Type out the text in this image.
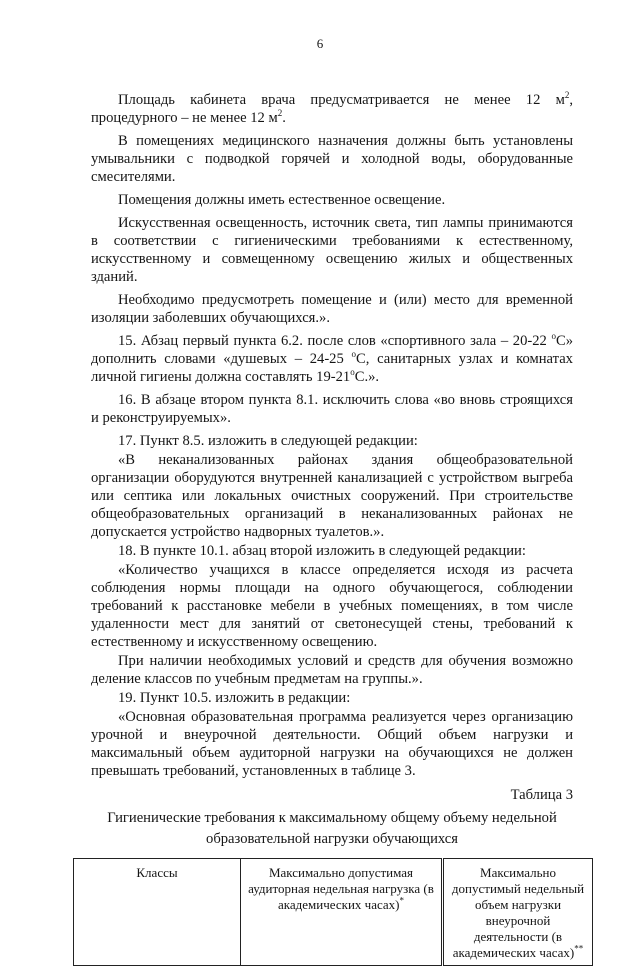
6

Площадь кабинета врача предусматривается не менее 12 $м^2$, процедурного – не менее 12 $м^2$.

В помещениях медицинского назначения должны быть установлены умывальники с подводкой горячей и холодной воды, оборудованные смесителями.

Помещения должны иметь естественное освещение.

Искусственная освещенность, источник света, тип лампы принимаются в соответствии с гигиеническими требованиями к естественному, искусственному и совмещенному освещению жилых и общественных зданий.

Необходимо предусмотреть помещение и (или) место для временной изоляции заболевших обучающихся.».

15. Абзац первый пункта 6.2. после слов «спортивного зала – 20-22 $^о$С» дополнить словами «душевых – 24-25 $^о$С, санитарных узлах и комнатах личной гигиены должна составлять $19-21^оС$.».

16. В абзаце втором пункта 8.1. исключить слова «во вновь строящихся и реконструируемых».

17. Пункт 8.5. изложить в следующей редакции:

«В неканализованных районах здания общеобразовательной организации оборудуются внутренней канализацией с устройством выгреба или септика или локальных очистных сооружений. При строительстве общеобразовательных организаций в неканализованных районах не допускается устройство надворных туалетов.».

18. В пункте 10.1. абзац второй изложить в следующей редакции:

«Количество учащихся в классе определяется исходя из расчета соблюдения нормы площади на одного обучающегося, соблюдении требований к расстановке мебели в учебных помещениях, в том числе удаленности мест для занятий от светонесущей стены, требований к естественному и искусственному освещению.

При наличии необходимых условий и средств для обучения возможно деление классов по учебным предметам на группы.».

19. Пункт 10.5. изложить в редакции:

«Основная образовательная программа реализуется через организацию урочной и внеурочной деятельности. Общий объем нагрузки и максимальный объем аудиторной нагрузки на обучающихся не должен превышать требований, установленных в таблице 3.

Таблица 3
Гигиенические требования к максимальному общему объему недельной
образовательной нагрузки обучающихся
Классы	Максимально допустимая аудиторная недельная нагрузка (в академических часах)*	Максимально допустимый недельный объем нагрузки внеурочной деятельности (в академических часах)**
